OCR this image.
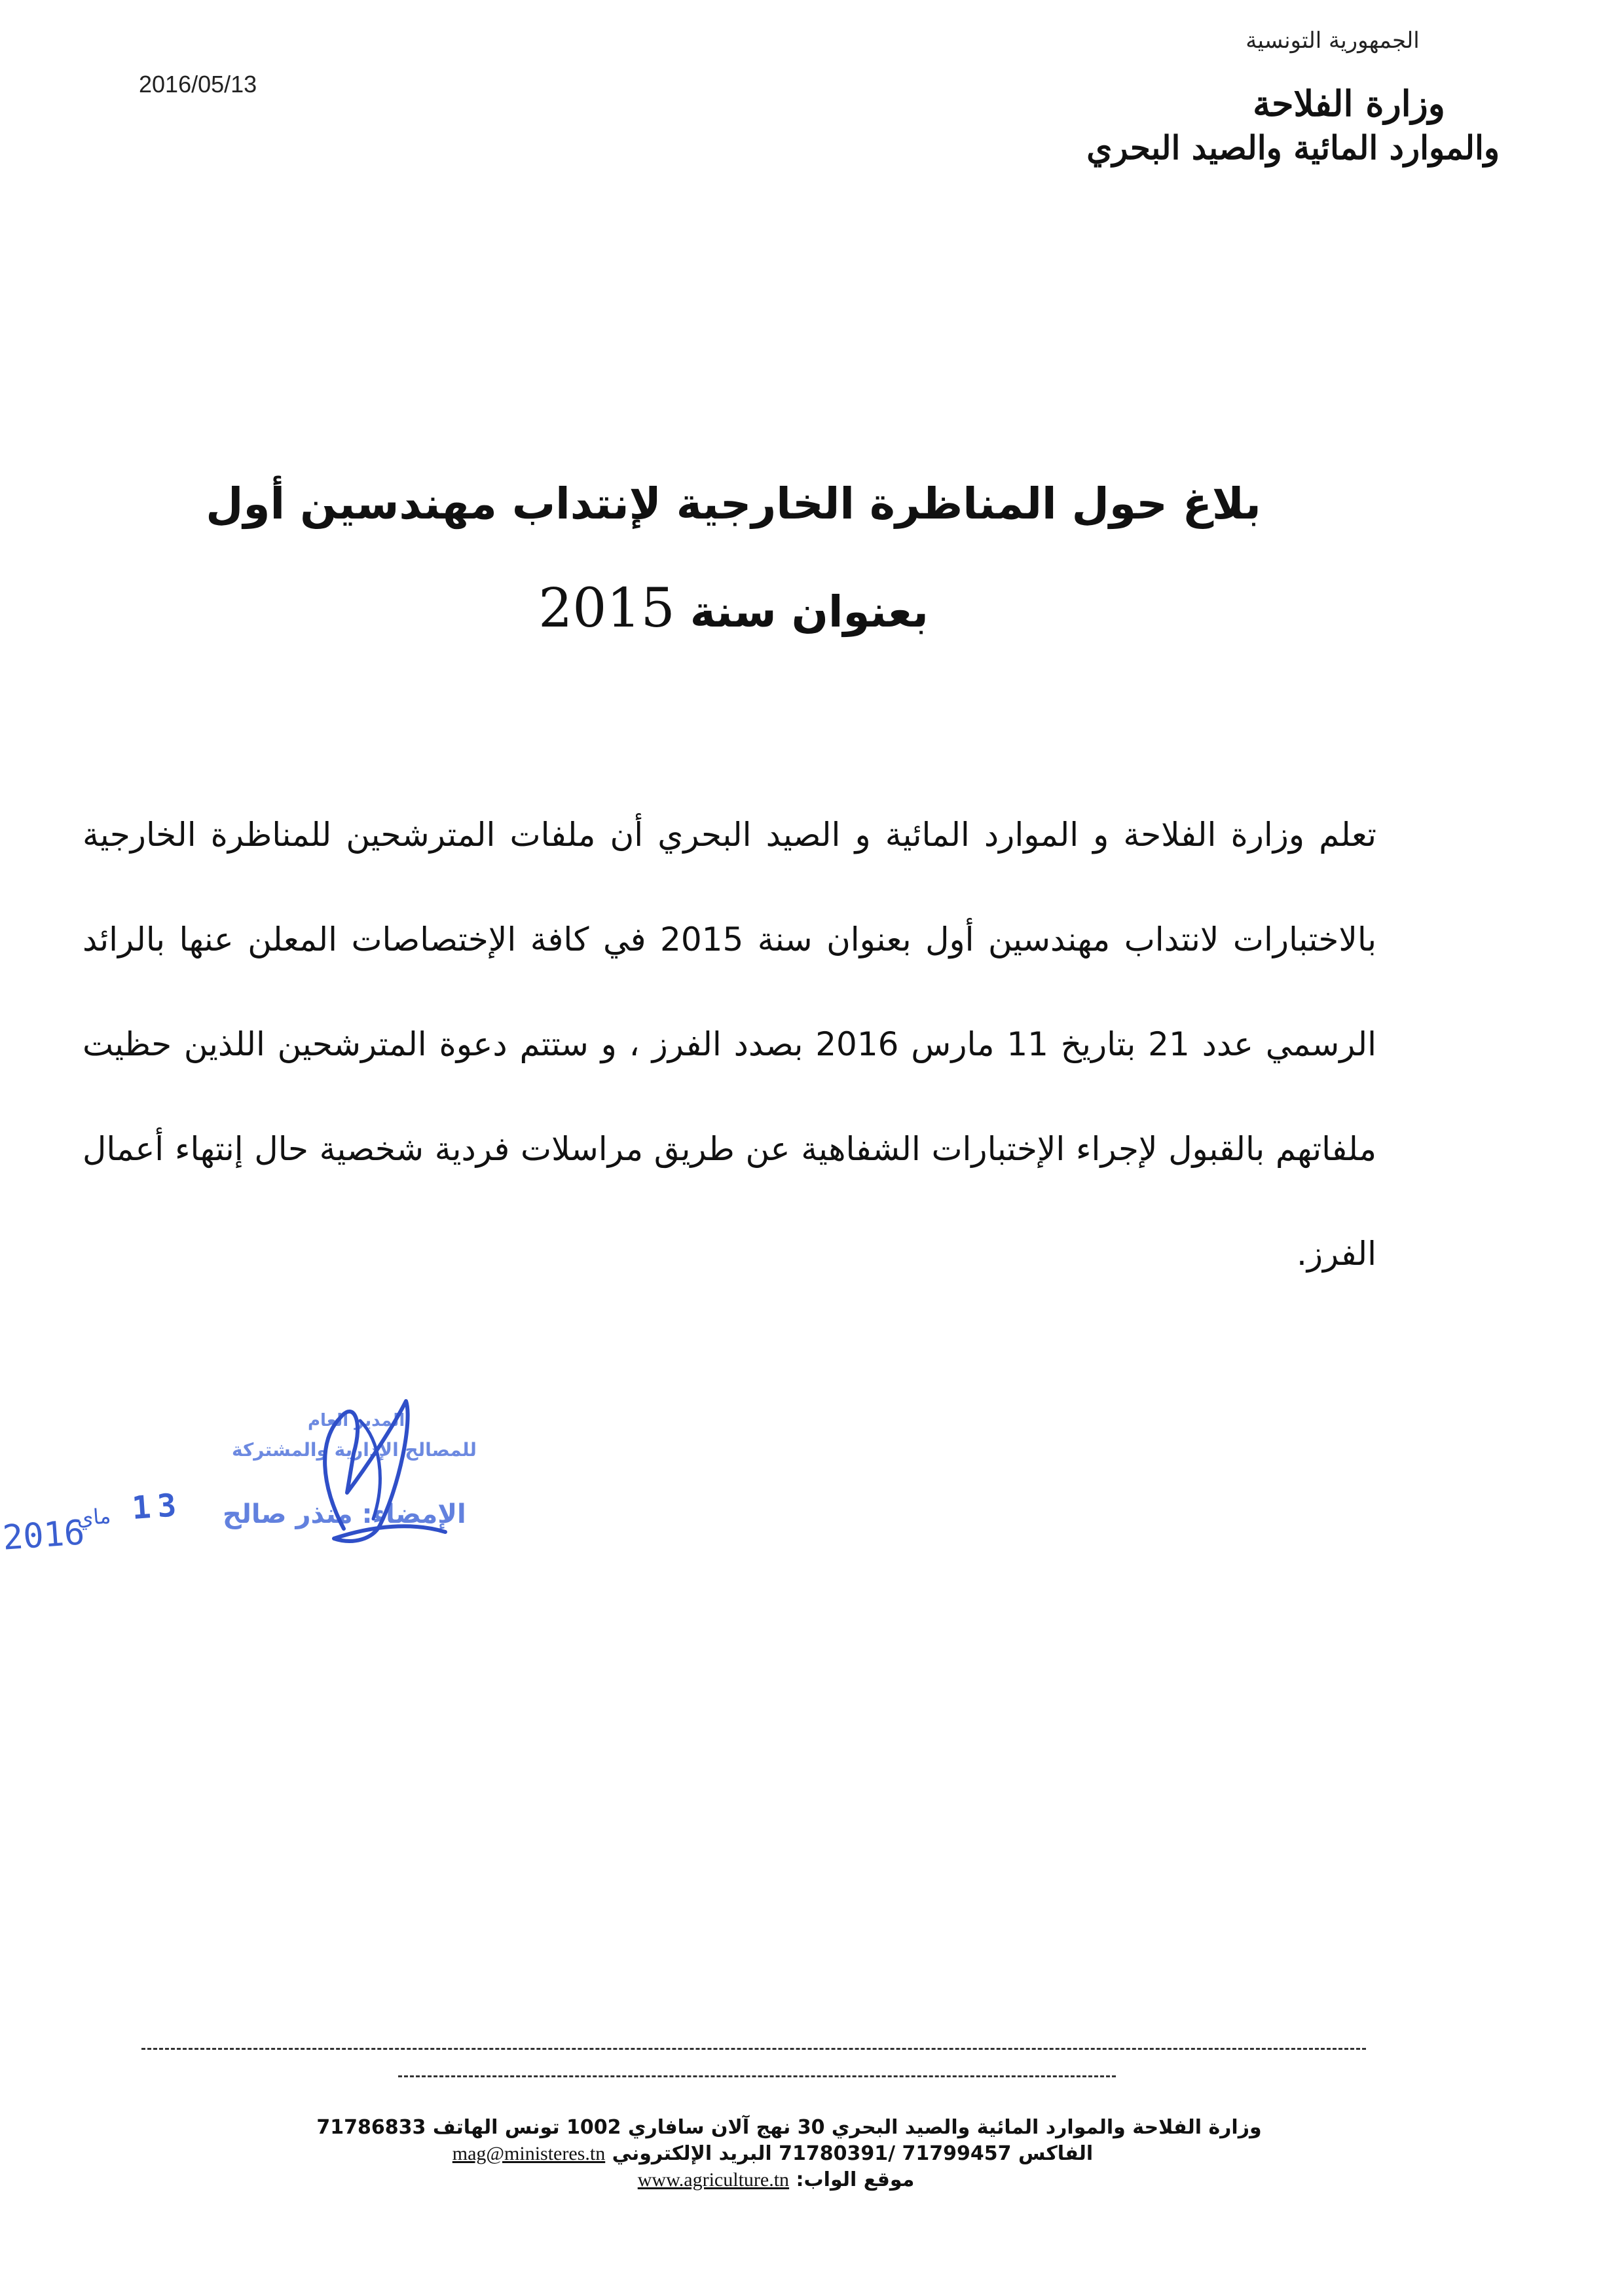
2016/05/13
الجمهورية التونسية
وزارة الفلاحة
والموارد المائية والصيد البحري
بلاغ حول المناظرة الخارجية لإنتداب مهندسين أول
بعنوان سنة 2015
تعلم وزارة الفلاحة و الموارد المائية و الصيد البحري أن ملفات المترشحين للمناظرة الخارجية بالاختبارات لانتداب مهندسين أول بعنوان سنة 2015 في كافة الإختصاصات المعلن عنها بالرائد الرسمي عدد 21 بتاريخ 11 مارس 2016 بصدد الفرز ، و ستتم دعوة المترشحين اللذين حظيت ملفاتهم بالقبول لإجراء الإختبارات الشفاهية عن طريق مراسلات فردية شخصية حال إنتهاء أعمال الفرز.
المدير العام
للمصالح الإدارية والمشتركة
الإمضاء: منذر صالح
2016
ماي 13
وزارة الفلاحة والموارد المائية والصيد البحري 30 نهج آلان سافاري 1002 تونس الهاتف 71786833
الفاكس 71780391/ 71799457 البريد الإلكتروني mag@ministeres.tn
موقع الواب: www.agriculture.tn
